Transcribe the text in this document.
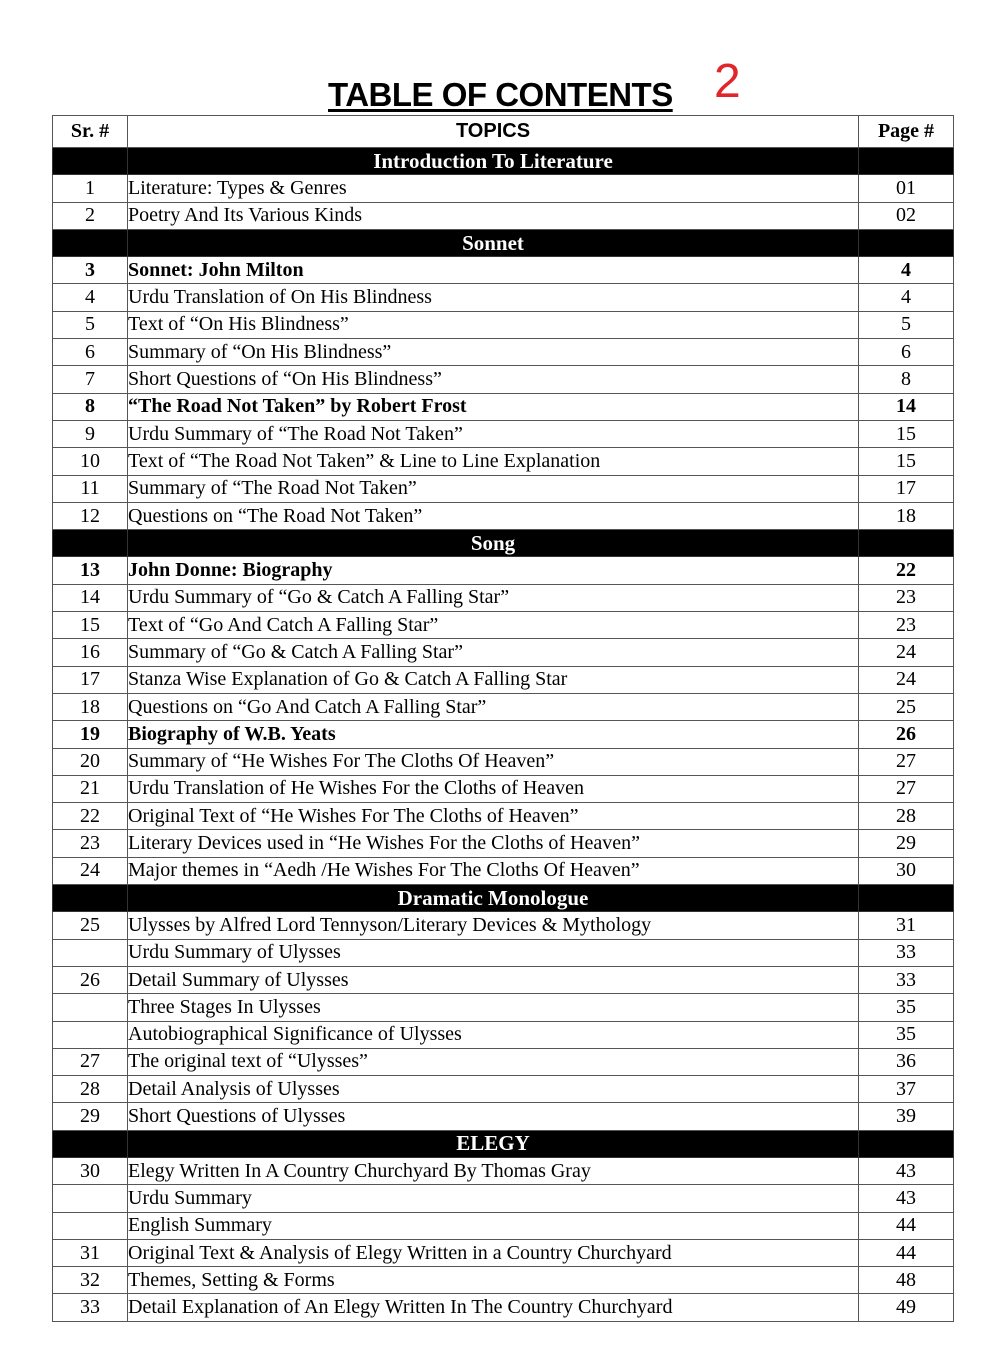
TABLE OF CONTENTS 2
Sr. #	TOPICS	Page #
	Introduction To Literature	
1	Literature: Types & Genres	01
2	Poetry And Its Various Kinds	02
	Sonnet	
3	Sonnet: John Milton	4
4	Urdu Translation of On His Blindness	4
5	Text of “On His Blindness”	5
6	Summary of “On His Blindness”	6
7	Short Questions of “On His Blindness”	8
8	“The Road Not Taken” by Robert Frost	14
9	Urdu Summary of “The Road Not Taken”	15
10	Text of “The Road Not Taken” & Line to Line Explanation	15
11	Summary of “The Road Not Taken”	17
12	Questions on “The Road Not Taken”	18
	Song	
13	John Donne: Biography	22
14	Urdu Summary of “Go & Catch A Falling Star”	23
15	Text of “Go And Catch A Falling Star”	23
16	Summary of “Go & Catch A Falling Star”	24
17	Stanza Wise Explanation of Go & Catch A Falling Star	24
18	Questions on “Go And Catch A Falling Star”	25
19	Biography of W.B. Yeats	26
20	Summary of “He Wishes For The Cloths Of Heaven”	27
21	Urdu Translation of He Wishes For the Cloths of Heaven	27
22	Original Text of “He Wishes For The Cloths of Heaven”	28
23	Literary Devices used in “He Wishes For the Cloths of Heaven”	29
24	Major themes in “Aedh /He Wishes For The Cloths Of Heaven”	30
	Dramatic Monologue	
25	Ulysses by Alfred Lord Tennyson/Literary Devices & Mythology	31
	Urdu Summary of Ulysses	33
26	Detail Summary of Ulysses	33
	Three Stages In Ulysses	35
	Autobiographical Significance of Ulysses	35
27	The original text of “Ulysses”	36
28	Detail Analysis of Ulysses	37
29	Short Questions of Ulysses	39
	ELEGY	
30	Elegy Written In A Country Churchyard By Thomas Gray	43
	Urdu Summary	43
	English Summary	44
31	Original Text & Analysis of Elegy Written in a Country Churchyard	44
32	Themes, Setting & Forms	48
33	Detail Explanation of An Elegy Written In The Country Churchyard	49
